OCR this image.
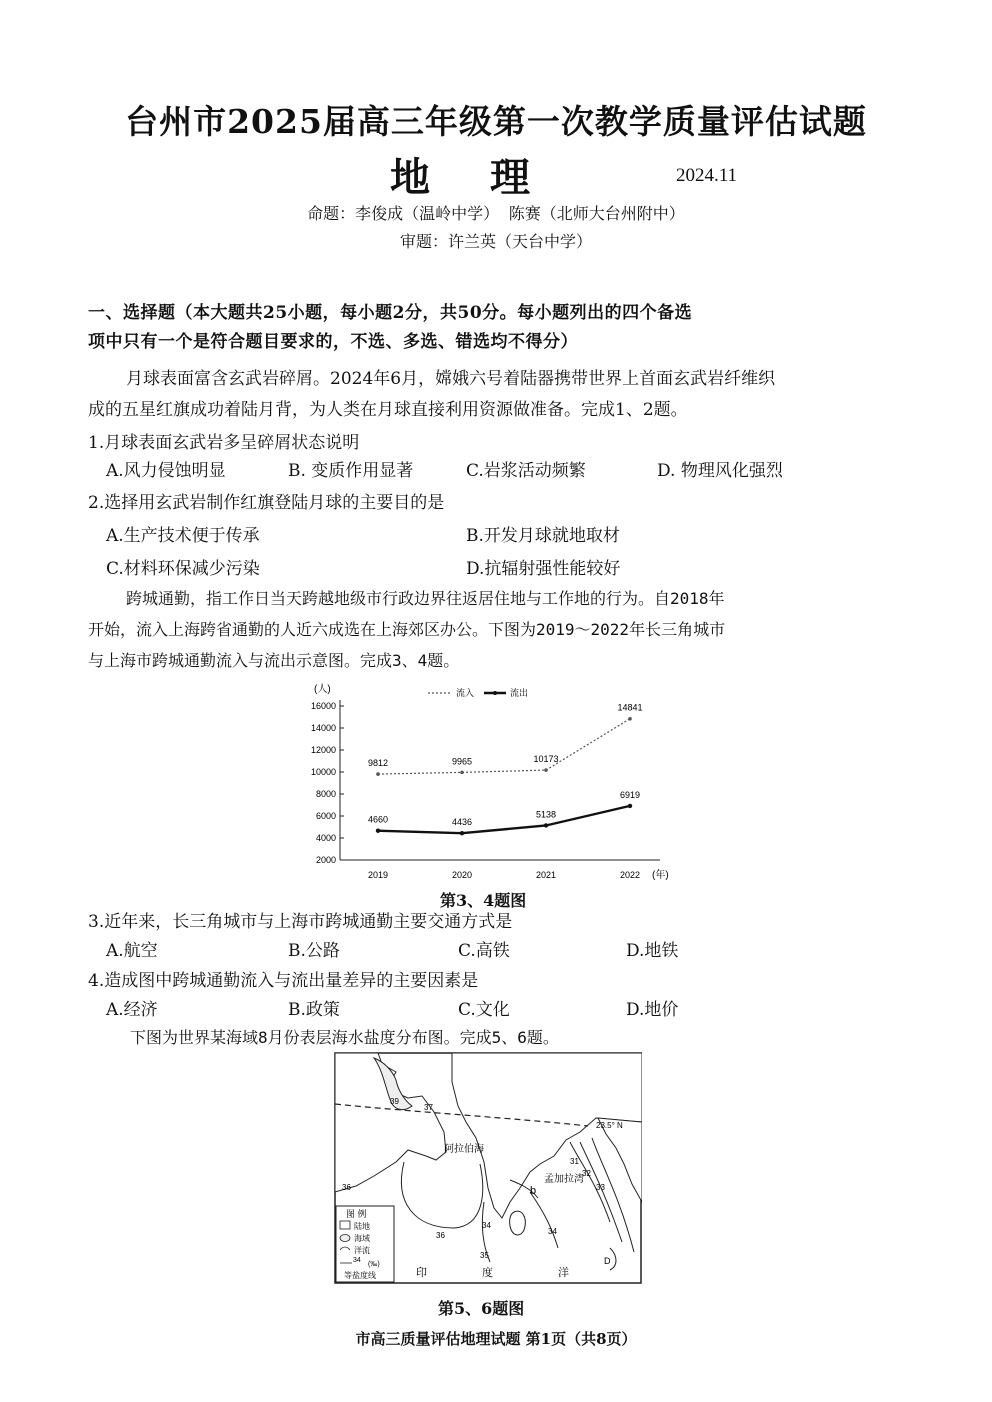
台州市2025届高三年级第一次教学质量评估试题
地理	2024.11
命题：李俊成（温岭中学） 陈赛（北师大台州附中）
审题：许兰英（天台中学）
一、选择题（本大题共25小题，每小题2分，共50分。每小题列出的四个备选
项中只有一个是符合题目要求的，不选、多选、错选均不得分）
月球表面富含玄武岩碎屑。2024年6月，嫦娥六号着陆器携带世界上首面玄武岩纤维织
成的五星红旗成功着陆月背，为人类在月球直接利用资源做准备。完成1、2题。
1.月球表面玄武岩多呈碎屑状态说明
A.风力侵蚀明显	B. 变质作用显著	C.岩浆活动频繁	D. 物理风化强烈
2.选择用玄武岩制作红旗登陆月球的主要目的是
A.生产技术便于传承	B.开发月球就地取材
C.材料环保减少污染	D.抗辐射强性能较好
跨城通勤，指工作日当天跨越地级市行政边界往返居住地与工作地的行为。自2018年
开始，流入上海跨省通勤的人近六成选在上海郊区办公。下图为2019～2022年长三角城市
与上海市跨城通勤流入与流出示意图。完成3、4题。
16000
14000
12000
10000
8000
6000
4000
2000
(人)
2019	2020	2021	2022 (年)
9812	9965	10173
14841
4660	4436
5138
6919
流入	流出
第3、4题图
3.近年来，长三角城市与上海市跨城通勤主要交通方式是
A.航空	B.公路	C.高铁	D.地铁
4.造成图中跨城通勤流入与流出量差异的主要因素是
A.经济	B.政策	C.文化	D.地价
下图为世界某海域8月份表层海水盐度分布图。完成5、6题。
图 例
陆地
海域
洋流
34
(‰)
等盐度线
阿拉伯海
孟加拉湾
印	度	洋
23.5° N
39
37
36
36
35
34
34
31
32
33
b
D
第5、6题图
市高三质量评估地理试题 第1页（共8页）
